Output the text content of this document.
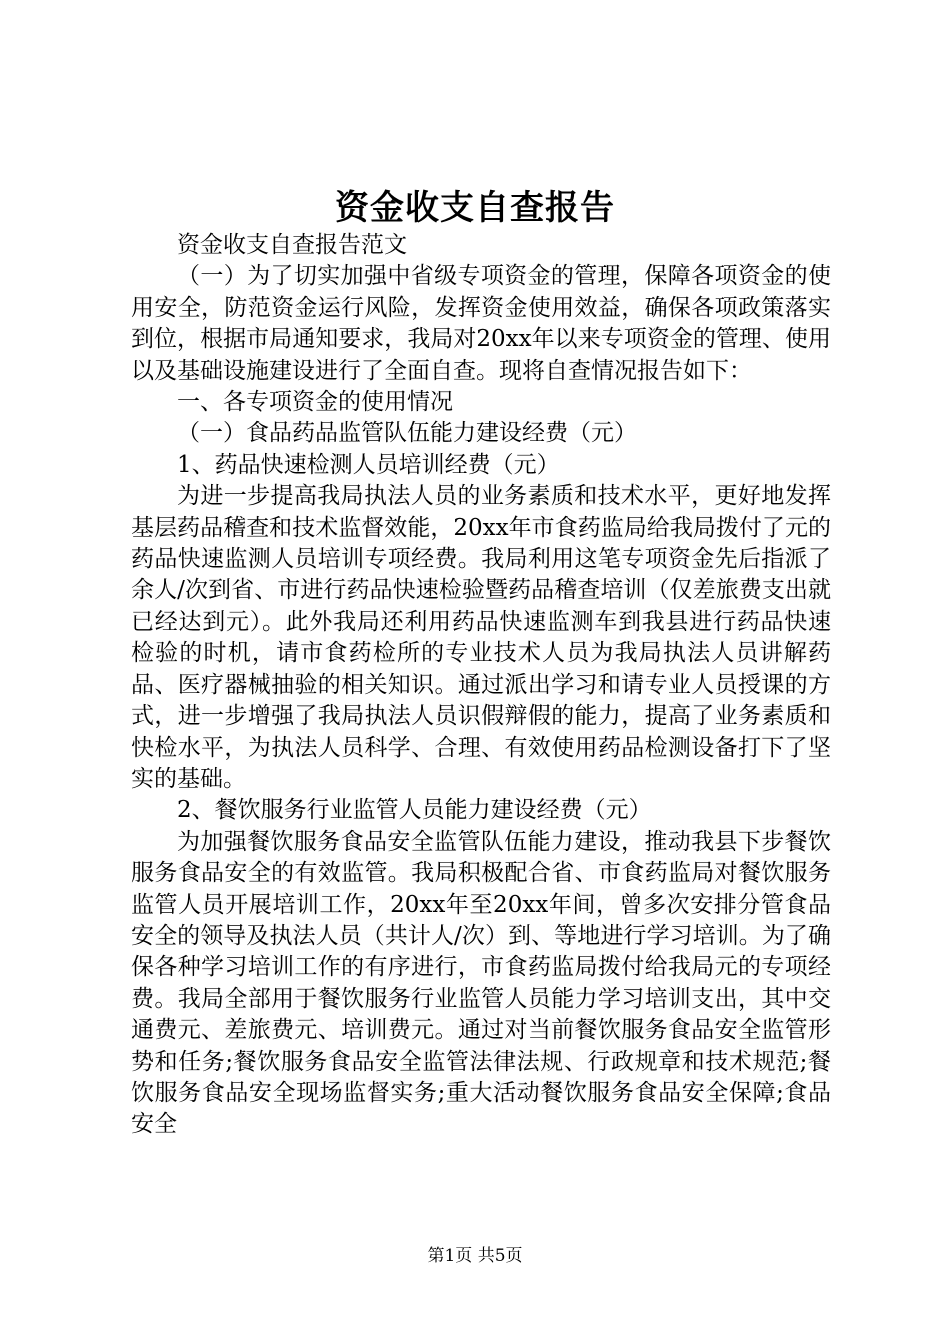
资金收支自查报告

资金收支自查报告范文

（一）为了切实加强中省级专项资金的管理，保障各项资金的使用安全，防范资金运行风险，发挥资金使用效益，确保各项政策落实到位，根据市局通知要求，我局对20xx年以来专项资金的管理、使用以及基础设施建设进行了全面自查。现将自查情况报告如下：

一、各专项资金的使用情况

（一）食品药品监管队伍能力建设经费（元）

1、药品快速检测人员培训经费（元）

为进一步提高我局执法人员的业务素质和技术水平，更好地发挥基层药品稽查和技术监督效能，20xx年市食药监局给我局拨付了元的药品快速监测人员培训专项经费。我局利用这笔专项资金先后指派了余人/次到省、市进行药品快速检验暨药品稽查培训（仅差旅费支出就已经达到元）。此外我局还利用药品快速监测车到我县进行药品快速检验的时机，请市食药检所的专业技术人员为我局执法人员讲解药品、医疗器械抽验的相关知识。通过派出学习和请专业人员授课的方式，进一步增强了我局执法人员识假辩假的能力，提高了业务素质和快检水平，为执法人员科学、合理、有效使用药品检测设备打下了坚实的基础。

2、餐饮服务行业监管人员能力建设经费（元）

为加强餐饮服务食品安全监管队伍能力建设，推动我县下步餐饮服务食品安全的有效监管。我局积极配合省、市食药监局对餐饮服务监管人员开展培训工作，20xx年至20xx年间，曾多次安排分管食品安全的领导及执法人员（共计人/次）到、等地进行学习培训。为了确保各种学习培训工作的有序进行，市食药监局拨付给我局元的专项经费。我局全部用于餐饮服务行业监管人员能力学习培训支出，其中交通费元、差旅费元、培训费元。通过对当前餐饮服务食品安全监管形势和任务;餐饮服务食品安全监管法律法规、行政规章和技术规范;餐饮服务食品安全现场监督实务;重大活动餐饮服务食品安全保障;食品安全

第1页 共5页
